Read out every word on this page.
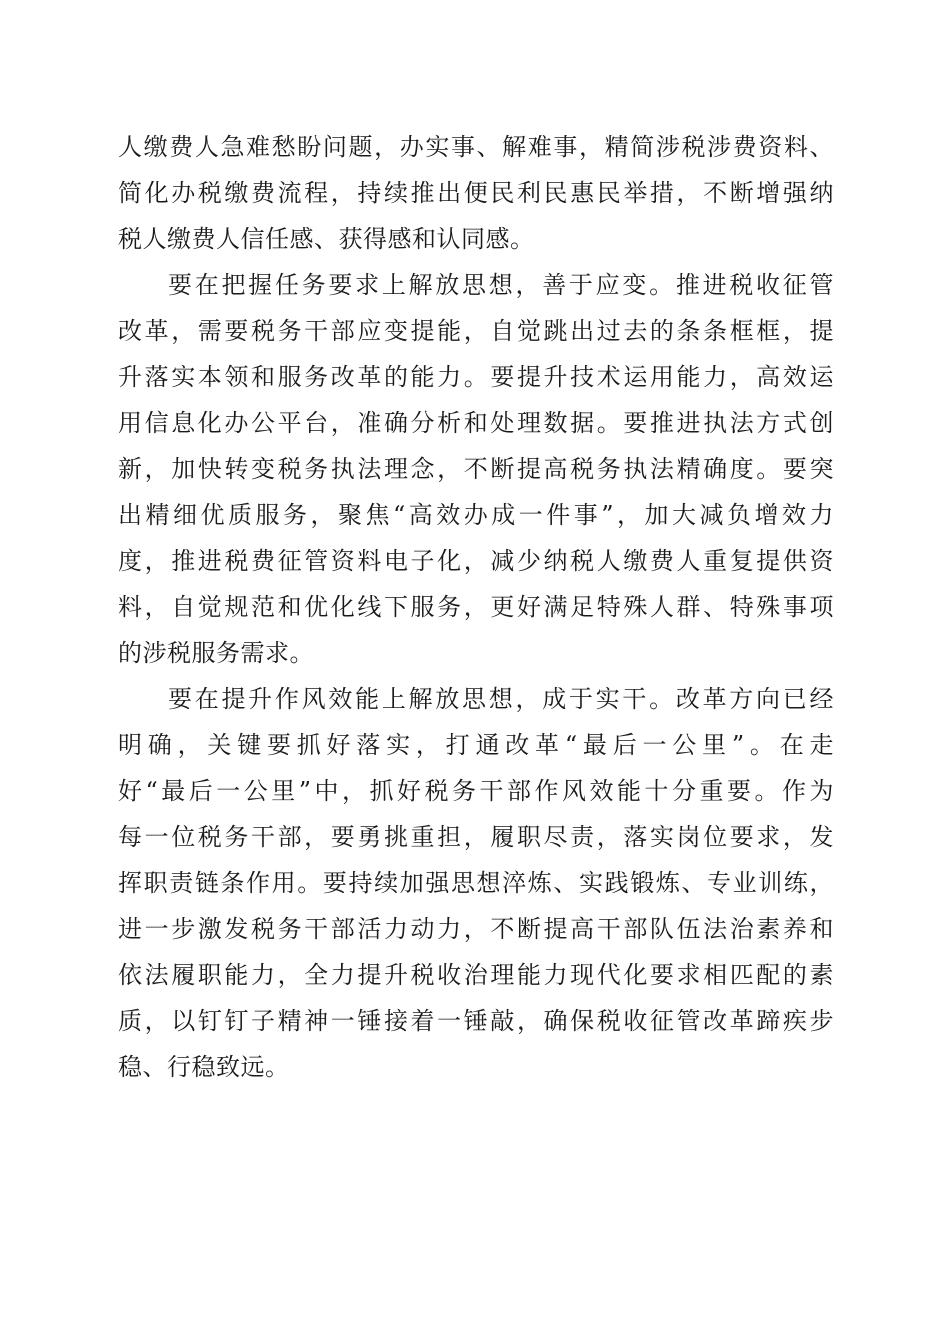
人缴费人急难愁盼问题，办实事、解难事，精简涉税涉费资料、
简化办税缴费流程，持续推出便民利民惠民举措，不断增强纳
税人缴费人信任感、获得感和认同感。
要在把握任务要求上解放思想，善于应变。推进税收征管
改革，需要税务干部应变提能，自觉跳出过去的条条框框，提
升落实本领和服务改革的能力。要提升技术运用能力，高效运
用信息化办公平台，准确分析和处理数据。要推进执法方式创
新，加快转变税务执法理念，不断提高税务执法精确度。要突
出精细优质服务，聚焦“高效办成一件事”，加大减负增效力
度，推进税费征管资料电子化，减少纳税人缴费人重复提供资
料，自觉规范和优化线下服务，更好满足特殊人群、特殊事项
的涉税服务需求。
要在提升作风效能上解放思想，成于实干。改革方向已经
明确，关键要抓好落实，打通改革“最后一公里”。在走
好“最后一公里”中，抓好税务干部作风效能十分重要。作为
每一位税务干部，要勇挑重担，履职尽责，落实岗位要求，发
挥职责链条作用。要持续加强思想淬炼、实践锻炼、专业训练，
进一步激发税务干部活力动力，不断提高干部队伍法治素养和
依法履职能力，全力提升税收治理能力现代化要求相匹配的素
质，以钉钉子精神一锤接着一锤敲，确保税收征管改革蹄疾步
稳、行稳致远。
